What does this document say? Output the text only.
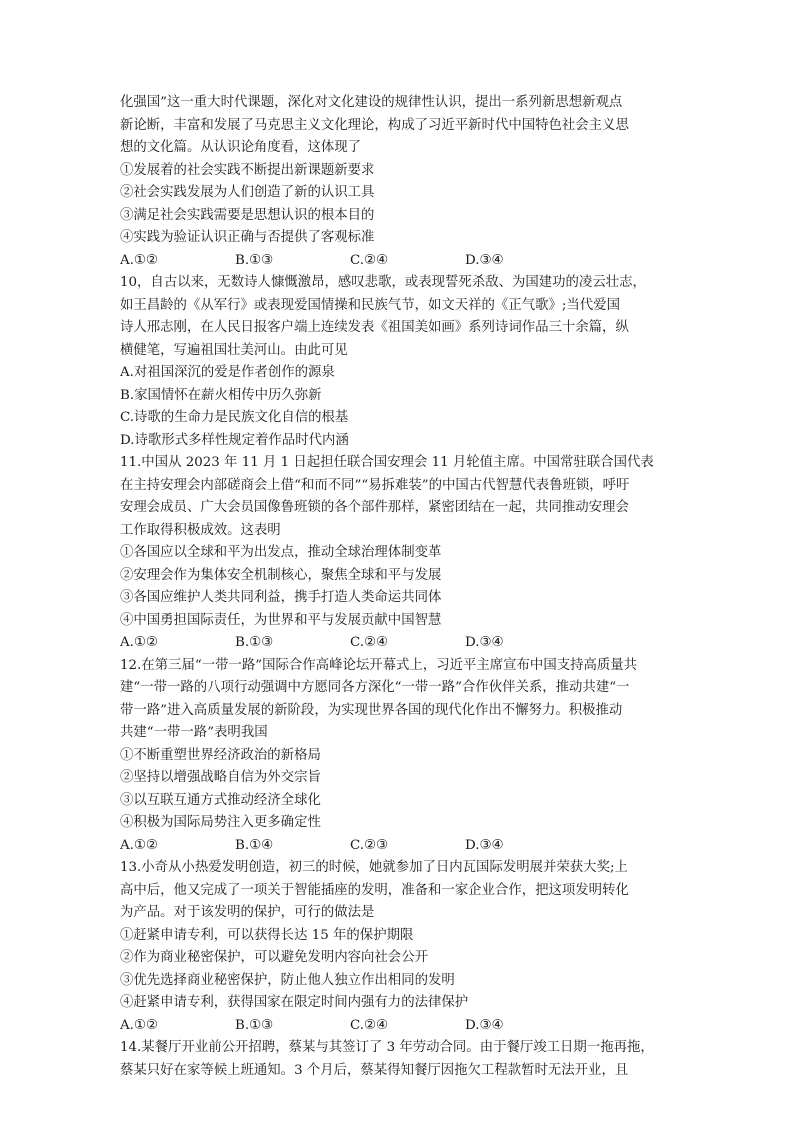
化强国”这一重大时代课题，深化对文化建设的规律性认识，提出一系列新思想新观点
新论断，丰富和发展了马克思主义文化理论，构成了习近平新时代中国特色社会主义思
想的文化篇。从认识论角度看，这体现了
①发展着的社会实践不断提出新课题新要求
②社会实践发展为人们创造了新的认识工具
③满足社会实践需要是思想认识的根本目的
④实践为验证认识正确与否提供了客观标准
A.①②	B.①③	C.②④	D.③④
10，自古以来，无数诗人慷慨激昂，感叹悲歌，或表现誓死杀敌、为国建功的凌云壮志，
如王昌龄的《从军行》或表现爱国情操和民族气节，如文天祥的《正气歌》;当代爱国
诗人邢志刚，在人民日报客户端上连续发表《祖国美如画》系列诗词作品三十余篇，纵
横健笔，写遍祖国壮美河山。由此可见
A.对祖国深沉的爱是作者创作的源泉
B.家国情怀在薪火相传中历久弥新
C.诗歌的生命力是民族文化自信的根基
D.诗歌形式多样性规定着作品时代内涵
11.中国从 2023 年 11 月 1 日起担任联合国安理会 11 月轮值主席。中国常驻联合国代表
在主持安理会内部磋商会上借“和而不同”“易拆难装”的中国古代智慧代表鲁班锁，呼吁
安理会成员、广大会员国像鲁班锁的各个部件那样，紧密团结在一起，共同推动安理会
工作取得积极成效。这表明
①各国应以全球和平为出发点，推动全球治理体制变革
②安理会作为集体安全机制核心，聚焦全球和平与发展
③各国应维护人类共同利益，携手打造人类命运共同体
④中国勇担国际责任，为世界和平与发展贡献中国智慧
A.①②	B.①③	C.②④	D.③④
12.在第三届“一带一路”国际合作高峰论坛开幕式上，习近平主席宣布中国支持高质量共
建“一带一路的八项行动强调中方愿同各方深化“一带一路”合作伙伴关系，推动共建“一
带一路”进入高质量发展的新阶段，为实现世界各国的现代化作出不懈努力。积极推动
共建“一带一路”表明我国
①不断重塑世界经济政治的新格局
②坚持以增强战略自信为外交宗旨
③以互联互通方式推动经济全球化
④积极为国际局势注入更多确定性
A.①②	B.①④	C.②③	D.③④
13.小奇从小热爱发明创造，初三的时候，她就参加了日内瓦国际发明展并荣获大奖;上
高中后，他又完成了一项关于智能插座的发明，准备和一家企业合作，把这项发明转化
为产品。对于该发明的保护，可行的做法是
①赶紧申请专利，可以获得长达 15 年的保护期限
②作为商业秘密保护，可以避免发明内容向社会公开
③优先选择商业秘密保护，防止他人独立作出相同的发明
④赶紧申请专利，获得国家在限定时间内强有力的法律保护
A.①②	B.①③	C.②④	D.③④
14.某餐厅开业前公开招聘，蔡某与其签订了 3 年劳动合同。由于餐厅竣工日期一拖再拖，
蔡某只好在家等候上班通知。3 个月后，蔡某得知餐厅因拖欠工程款暂时无法开业，且
